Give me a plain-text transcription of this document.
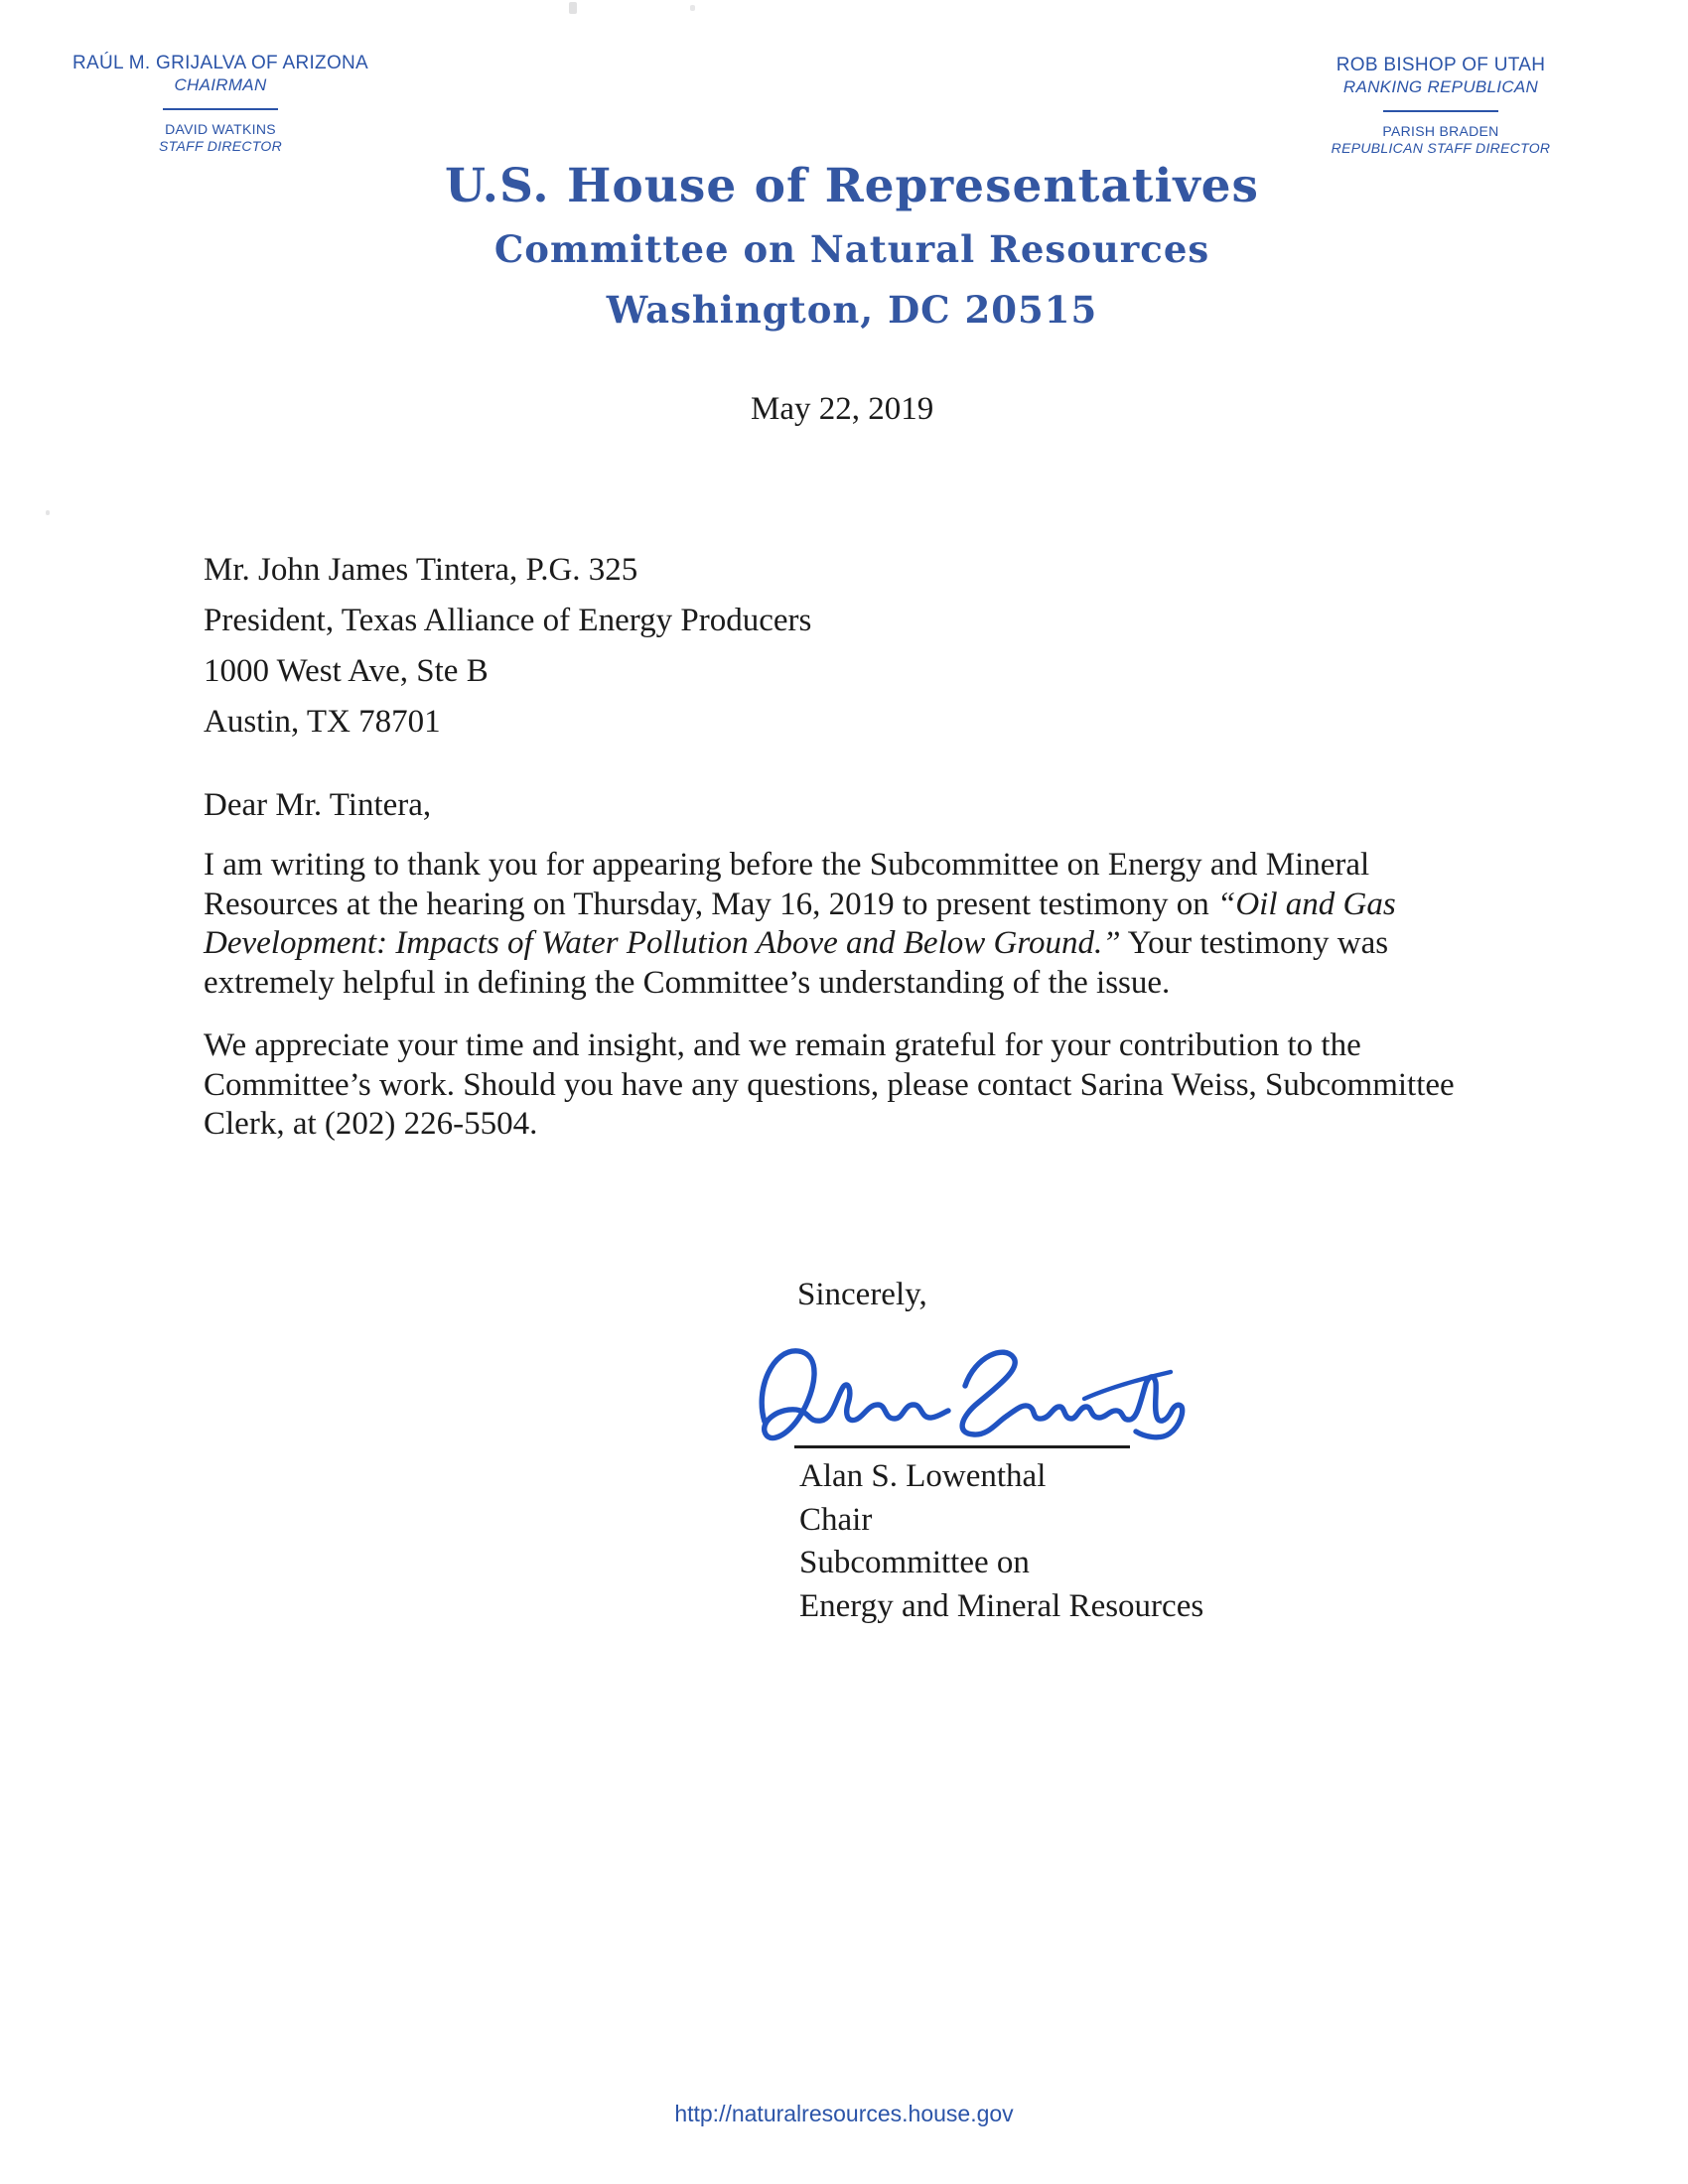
RAÚL M. GRIJALVA OF ARIZONA
CHAIRMAN
DAVID WATKINS
STAFF DIRECTOR
ROB BISHOP OF UTAH
RANKING REPUBLICAN
PARISH BRADEN
REPUBLICAN STAFF DIRECTOR
U.S. House of Representatives
Committee on Natural Resources
Washington, DC 20515
May 22, 2019
Mr. John James Tintera, P.G. 325
President, Texas Alliance of Energy Producers
1000 West Ave, Ste B
Austin, TX 78701
Dear Mr. Tintera,
I am writing to thank you for appearing before the Subcommittee on Energy and Mineral
Resources at the hearing on Thursday, May 16, 2019 to present testimony on “Oil and Gas
Development: Impacts of Water Pollution Above and Below Ground.” Your testimony was
extremely helpful in defining the Committee’s understanding of the issue.
We appreciate your time and insight, and we remain grateful for your contribution to the
Committee’s work. Should you have any questions, please contact Sarina Weiss, Subcommittee
Clerk, at (202) 226-5504.
Sincerely,
Alan S. Lowenthal
Chair
Subcommittee on
Energy and Mineral Resources
http://naturalresources.house.gov
